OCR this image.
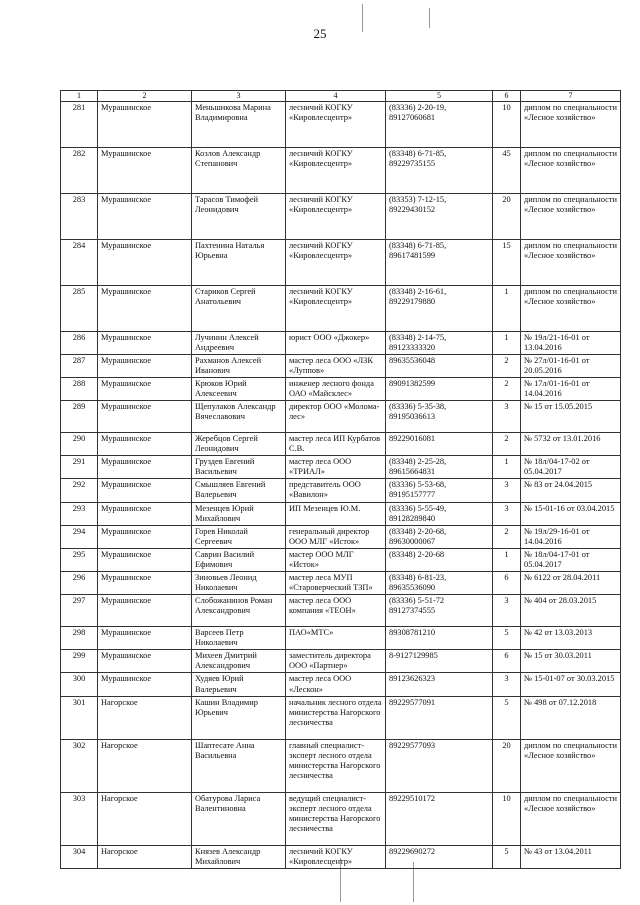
25
1	2	3	4	5	6	7
281	Мурашинское	Меньшикова Марина Владимировна	лесничий КОГКУ «Кировлесцентр»	(83336) 2-20-19, 89127060681	10	диплом по специальности «Лесное хозяйство»
282	Мурашинское	Козлов Александр Степанович	лесничий КОГКУ «Кировлесцентр»	(83348) 6-71-85, 89229735155	45	диплом по специальности «Лесное хозяйство»
283	Мурашинское	Тарасов Тимофей Леонидович	лесничий КОГКУ «Кировлесцентр»	(83353) 7-12-15, 89229430152	20	диплом по специальности «Лесное хозяйство»
284	Мурашинское	Пахтенина Наталья Юрьевна	лесничий КОГКУ «Кировлесцентр»	(83348) 6-71-85, 89617481599	15	диплом по специальности «Лесное хозяйство»
285	Мурашинское	Стариков Сергей Анатольевич	лесничий КОГКУ «Кировлесцентр»	(83348) 2-16-61, 89229179880	1	диплом по специальности «Лесное хозяйство»
286	Мурашинское	Лучинин Алексей Андреевич	юрист ООО «Джокер»	(83348) 2-14-75, 89123333320	1	№ 19л/21-16-01 от 13.04.2016
287	Мурашинское	Рахманов Алексей Иванович	мастер леса ООО «ЛЗК «Луппов»	89635536048	2	№ 27л/01-16-01 от 20.05.2016
288	Мурашинское	Крюков Юрий Алексеевич	инженер лесного фонда ОАО «Майсклес»	89091382599	2	№ 17л/01-16-01 от 14.04.2016
289	Мурашинское	Щепулаков Александр Вячеславович	директор ООО «Молома-лес»	(83336) 5-35-38, 89195036613	3	№ 15 от 15.05.2015
290	Мурашинское	Жеребцов Сергей Леонидович	мастер леса ИП Курбатов С.В.	89229016081	2	№ 5732 от 13.01.2016
291	Мурашинское	Груздев Евгений Васильевич	мастер леса ООО «ТРИАЛ»	(83348) 2-25-28, 89615664831	1	№ 18л/04-17-02 от 05.04.2017
292	Мурашинское	Смышляев Евгений Валерьевич	представитель ООО «Вавилон»	(83336) 5-53-68, 89195157777	3	№ 83 от 24.04.2015
293	Мурашинское	Мезенцев Юрий Михайлович	ИП Мезенцев Ю.М.	(83336) 5-55-49, 89128289840	3	№ 15-01-16 от 03.04.2015
294	Мурашинское	Горев Николай Сергеевич	генеральный директор ООО МЛГ «Исток»	(83348) 2-20-68, 89630000067	2	№ 19л/29-16-01 от 14.04.2016
295	Мурашинское	Саврин Василий Ефимович	мастер ООО МЛГ «Исток»	(83348) 2-20-68	1	№ 18л/04-17-01 от 05.04.2017
296	Мурашинское	Зиновьев Леонид Николаевич	мастер леса МУП «Староверческий ТЗП»	(83348) 6-81-23, 89635536090	6	№ 6122 от 28.04.2011
297	Мурашинское	Слобожанинов Роман Александрович	мастер леса ООО компания «ТЕОН»	(83336) 5-51-72 89127374555	3	№ 404 от 28.03.2015
298	Мурашинское	Варсеев Петр Николаевич	ПАО«МТС»	89308781210	5	№ 42 от 13.03.2013
299	Мурашинское	Михеев Дмитрий Александрович	заместитель директора ООО «Партнер»	8-9127129985	6	№ 15 от 30.03.2011
300	Мурашинское	Худяев Юрий Валерьевич	мастер леса ООО «Лескон»	89123626323	3	№ 15-01-07 от 30.03.2015
301	Нагорское	Кашин Владимир Юрьевич	начальник лесного отдела министерства Нагорского лесничества	89229577091	5	№ 498 от 07.12.2018
302	Нагорское	Шаптесате Анна Васильевна	главный специалист-эксперт лесного отдела министерства Нагорского лесничества	89229577093	20	диплом по специальности «Лесное хозяйство»
303	Нагорское	Обатурова Лариса Валентиновна	ведущий специалист-эксперт лесного отдела министерства Нагорского лесничества	89229510172	10	диплом по специальности «Лесное хозяйство»
304	Нагорское	Князев Александр Михайлович	лесничий КОГКУ «Кировлесцентр»	89229690272	5	№ 43 от 13.04.2011
